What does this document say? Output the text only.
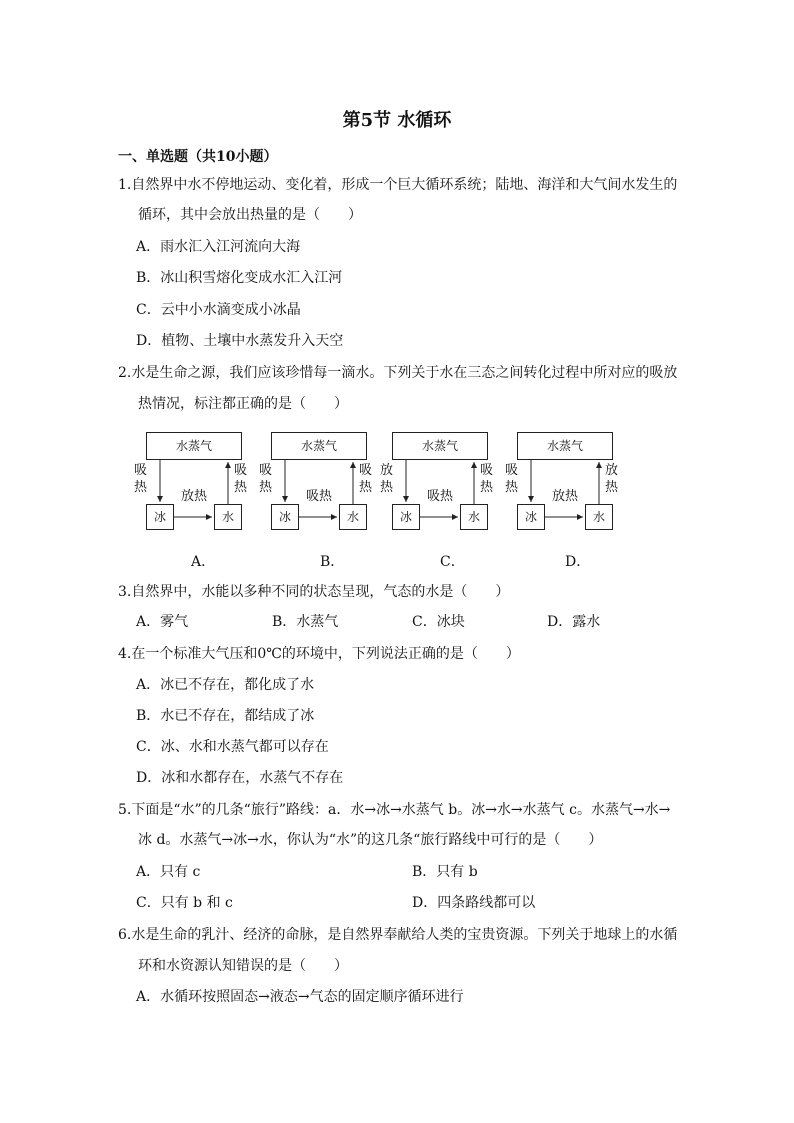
第5节 水循环
一、单选题（共10小题）
1.自然界中水不停地运动、变化着，形成一个巨大循环系统；陆地、海洋和大气间水发生的
循环，其中会放出热量的是（　　）
A．雨水汇入江河流向大海
B．冰山积雪熔化变成水汇入江河
C．云中小水滴变成小冰晶
D．植物、土壤中水蒸发升入天空
2.水是生命之源，我们应该珍惜每一滴水。下列关于水在三态之间转化过程中所对应的吸放
热情况，标注都正确的是（　　）
水蒸气
冰	水
吸热
吸热
放热
水蒸气
冰	水
吸热
吸热
吸热
水蒸气
冰	水
放热
吸热
吸热
水蒸气
冰	水
吸热
放热
放热
A．	B．	C．	D．
3.自然界中，水能以多种不同的状态呈现，气态的水是（　　）
A．雾气	B．水蒸气	C．冰块	D．露水
4.在一个标准大气压和0℃的环境中，下列说法正确的是（　　）
A．冰已不存在，都化成了水
B．水已不存在，都结成了冰
C．冰、水和水蒸气都可以存在
D．冰和水都存在，水蒸气不存在
5.下面是“水”的几条“旅行”路线：a．水→冰→水蒸气 b。冰→水→水蒸气 c。水蒸气→水→
冰 d。水蒸气→冰→水，你认为“水”的这几条“旅行路线中可行的是（　　）
A．只有 c	B．只有 b
C．只有 b 和 c	D．四条路线都可以
6.水是生命的乳汁、经济的命脉，是自然界奉献给人类的宝贵资源。下列关于地球上的水循
环和水资源认知错误的是（　　）
A．水循环按照固态→液态→气态的固定顺序循环进行
